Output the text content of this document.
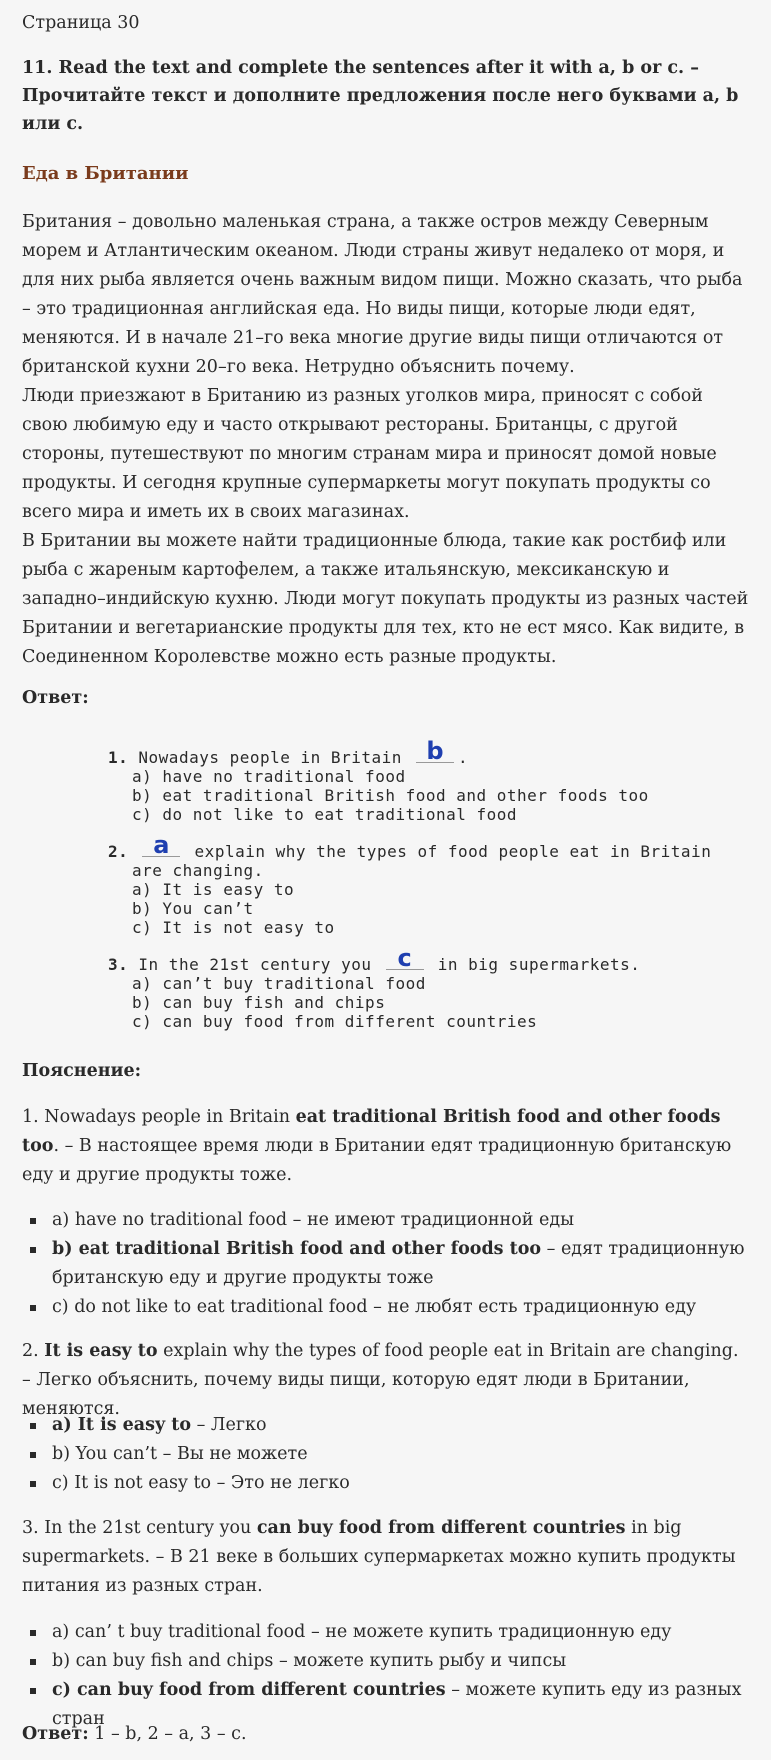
Страница 30

11. Read the text and complete the sentences after it with a, b or c. – Прочитайте текст и дополните предложения после него буквами a, b или c.

Еда в Британии

Британия – довольно маленькая страна, а также остров между Северным морем и Атлантическим океаном. Люди страны живут недалеко от моря, и для них рыба является очень важным видом пищи. Можно сказать, что рыба – это традиционная английская еда. Но виды пищи, которые люди едят, меняются. И в начале 21–го века многие другие виды пищи отличаются от британской кухни 20–го века. Нетрудно объяснить почему.

Люди приезжают в Британию из разных уголков мира, приносят с собой свою любимую еду и часто открывают рестораны. Британцы, с другой стороны, путешествуют по многим странам мира и приносят домой новые продукты. И сегодня крупные супермаркеты могут покупать продукты со всего мира и иметь их в своих магазинах.

В Британии вы можете найти традиционные блюда, такие как ростбиф или рыба с жареным картофелем, а также итальянскую, мексиканскую и западно–индийскую кухню. Люди могут покупать продукты из разных частей Британии и вегетарианские продукты для тех, кто не ест мясо. Как видите, в Соединенном Королевстве можно есть разные продукты.

Ответ:

1. Nowadays people in Britain	b .
a) have no traditional food
b) eat traditional British food and other foods too
c) do not like to eat traditional food
2.	a	explain why the types of food people eat in Britain
are changing.
a) It is easy to
b) You can’t
c) It is not easy to
3. In the 21st century you	c	in big supermarkets.
a) can’t buy traditional food
b) can buy fish and chips
c) can buy food from different countries

Пояснение:

1. Nowadays people in Britain eat traditional British food and other foods too. – В настоящее время люди в Британии едят традиционную британскую еду и другие продукты тоже.

a) have no traditional food – не имеют традиционной еды
b) eat traditional British food and other foods too – едят традиционную британскую еду и другие продукты тоже
c) do not like to eat traditional food – не любят есть традиционную еду

2. It is easy to explain why the types of food people eat in Britain are changing. – Легко объяснить, почему виды пищи, которую едят люди в Британии, меняются.

a) It is easy to – Легко
b) You can’t – Вы не можете
c) It is not easy to – Это не легко

3. In the 21st century you can buy food from different countries in big supermarkets. – В 21 веке в больших супермаркетах можно купить продукты питания из разных стран.

a) can’ t buy traditional food – не можете купить традиционную еду
b) can buy fish and chips – можете купить рыбу и чипсы
c) can buy food from different countries – можете купить еду из разных стран

Ответ: 1 – b, 2 – a, 3 – c.
